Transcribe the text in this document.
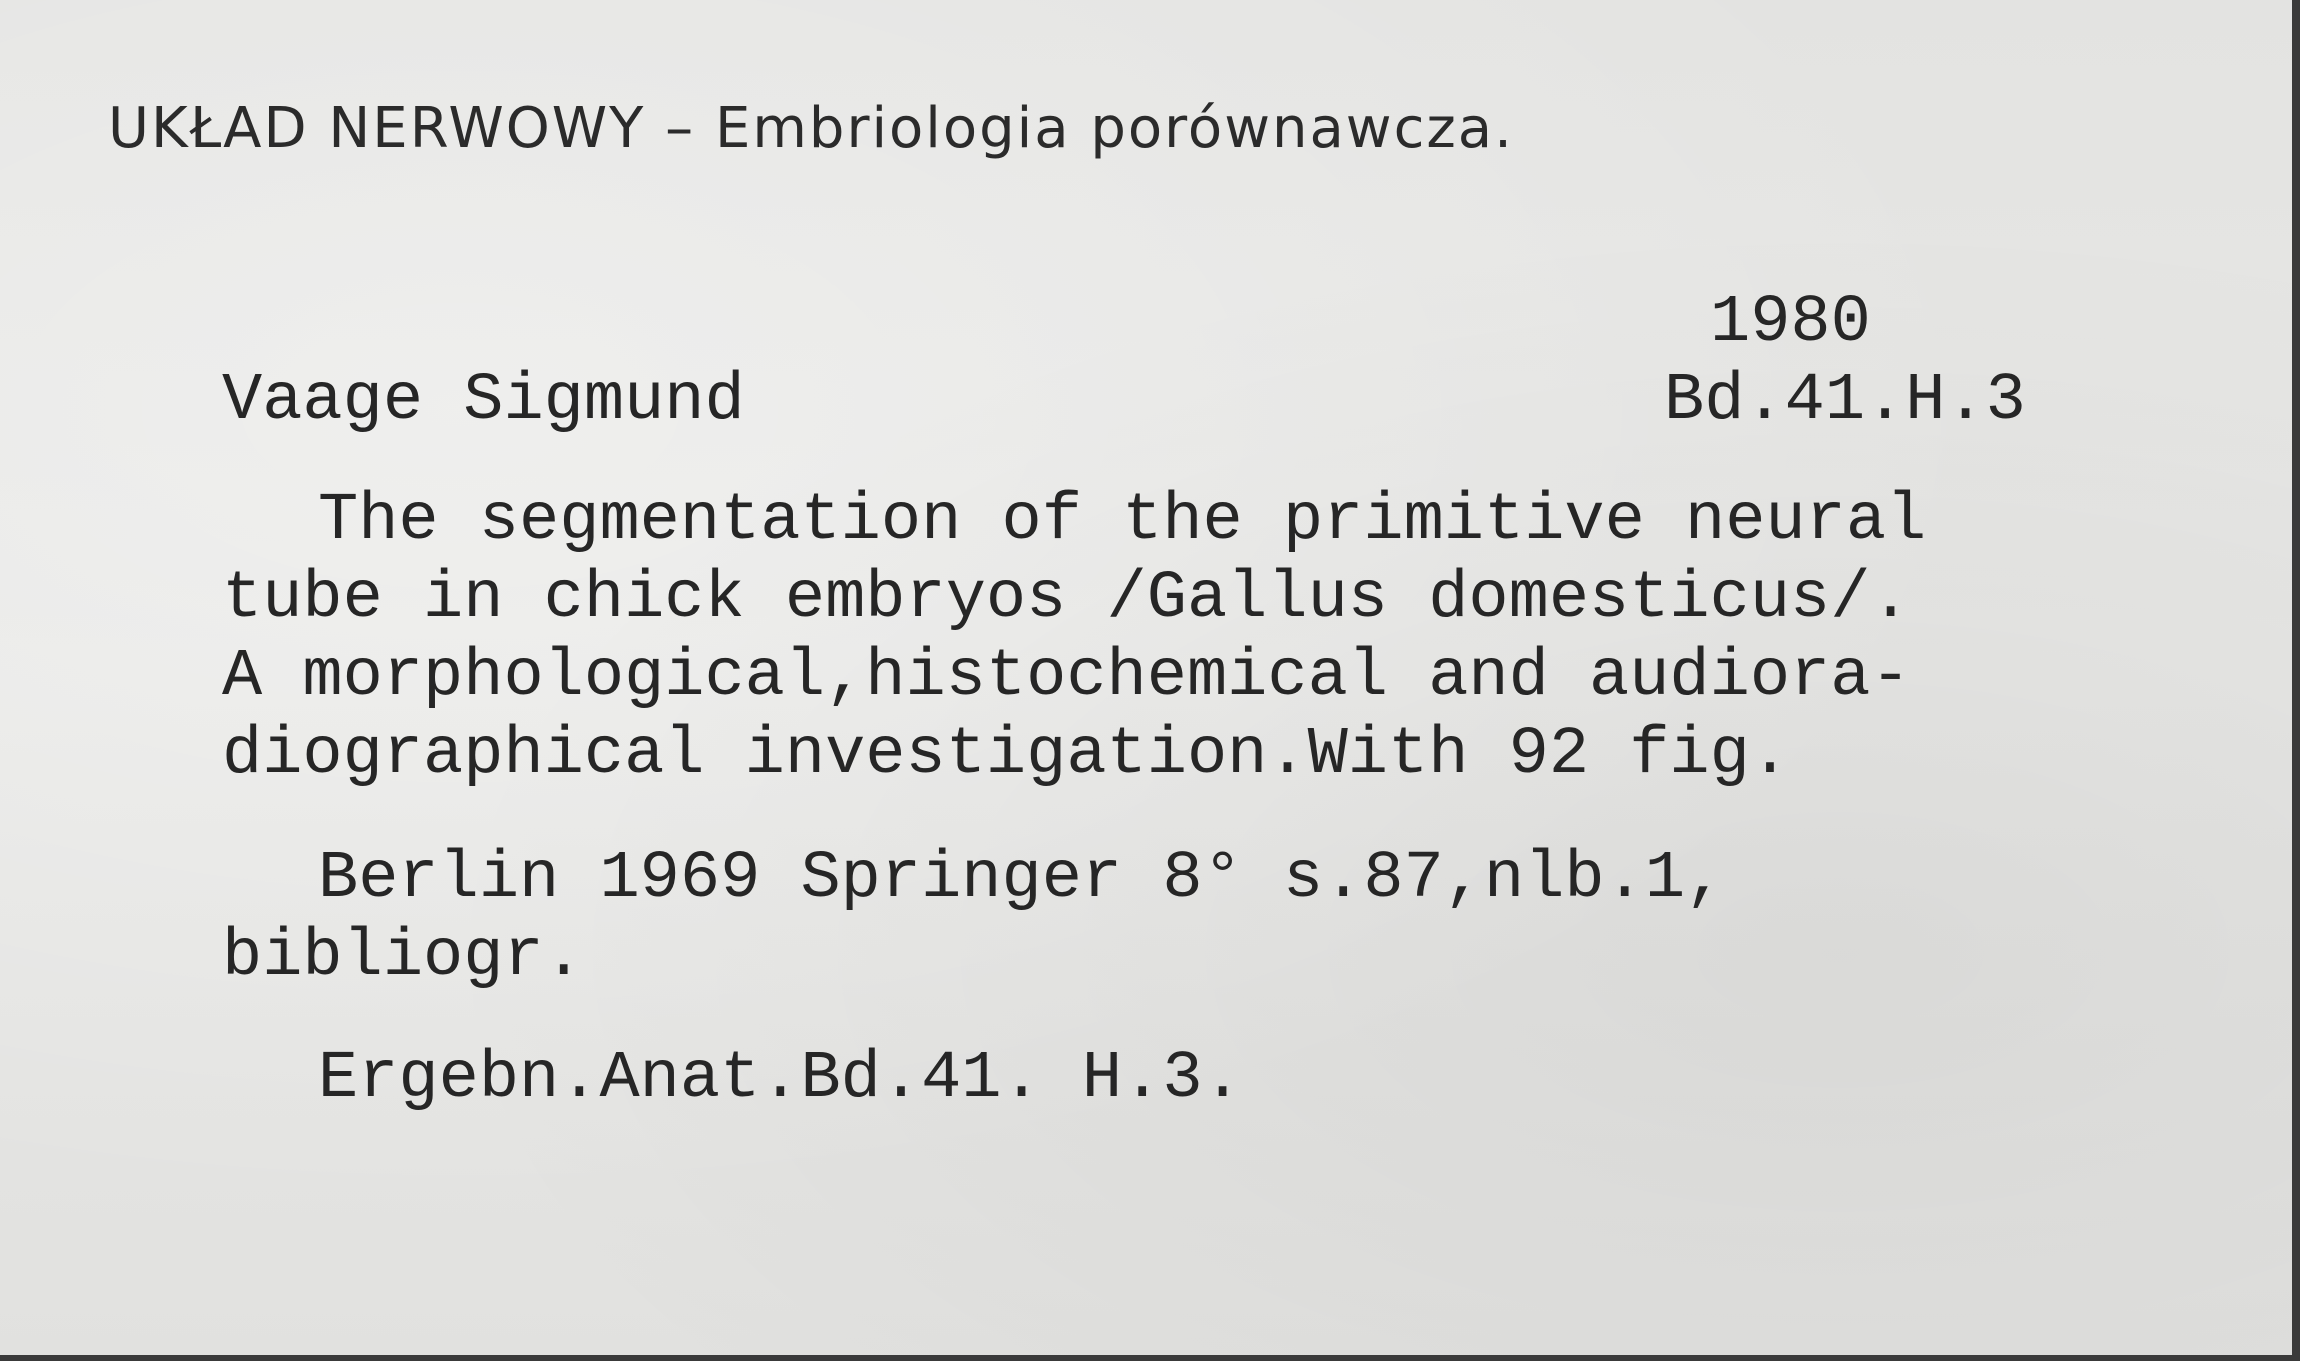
UKŁAD NERWOWY – Embriologia porównawcza.
1980
Vaage Sigmund	Bd.41.H.3
The segmentation of the primitive neural
tube in chick embryos /Gallus domesticus/.
A morphological,histochemical and audiora-
diographical investigation.With 92 fig.
Berlin 1969 Springer 8° s.87,nlb.1,
bibliogr.
Ergebn.Anat.Bd.41. H.3.
